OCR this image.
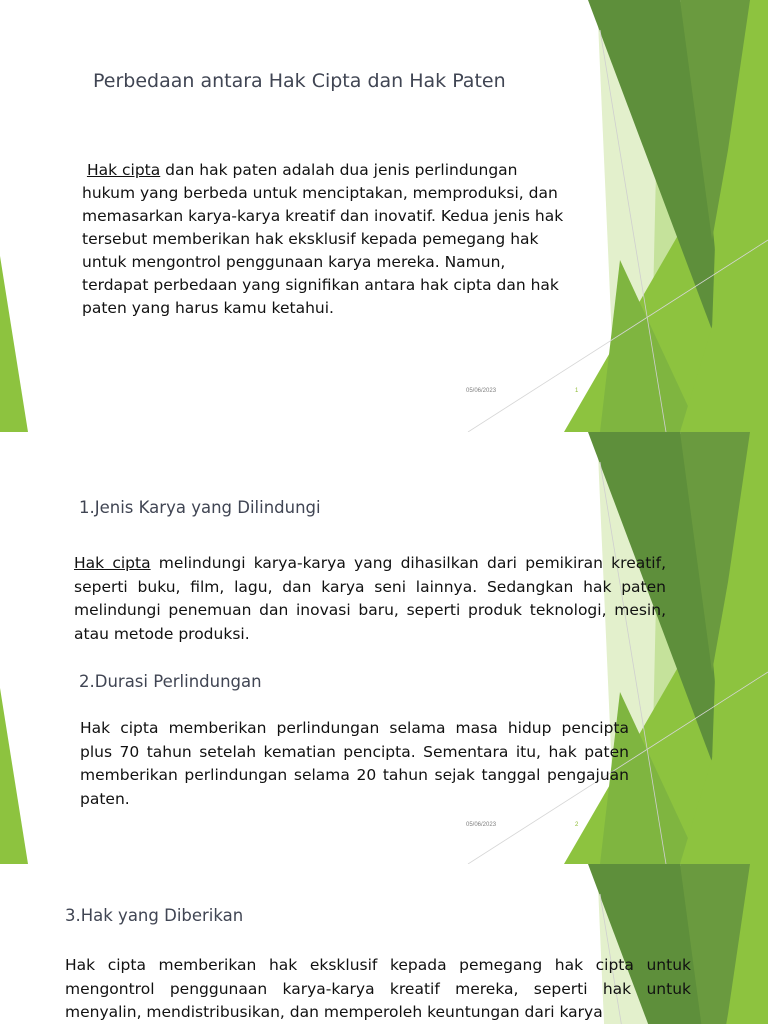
Perbedaan antara Hak Cipta dan Hak Paten
Hak cipta dan hak paten adalah dua jenis perlindungan hukum yang berbeda untuk menciptakan, memproduksi, dan memasarkan karya-karya kreatif dan inovatif. Kedua jenis hak tersebut memberikan hak eksklusif kepada pemegang hak untuk mengontrol penggunaan karya mereka. Namun, terdapat perbedaan yang signifikan antara hak cipta dan hak paten yang harus kamu ketahui.
05/06/2023	1
1.Jenis Karya yang Dilindungi
Hak cipta melindungi karya-karya yang dihasilkan dari pemikiran kreatif, seperti buku, film, lagu, dan karya seni lainnya. Sedangkan hak paten melindungi penemuan dan inovasi baru, seperti produk teknologi, mesin, atau metode produksi.
2.Durasi Perlindungan
Hak cipta memberikan perlindungan selama masa hidup pencipta plus 70 tahun setelah kematian pencipta. Sementara itu, hak paten memberikan perlindungan selama 20 tahun sejak tanggal pengajuan paten.
05/06/2023	2
3.Hak yang Diberikan
Hak cipta memberikan hak eksklusif kepada pemegang hak cipta untuk mengontrol penggunaan karya-karya kreatif mereka, seperti hak untuk menyalin, mendistribusikan, dan memperoleh keuntungan dari karya
